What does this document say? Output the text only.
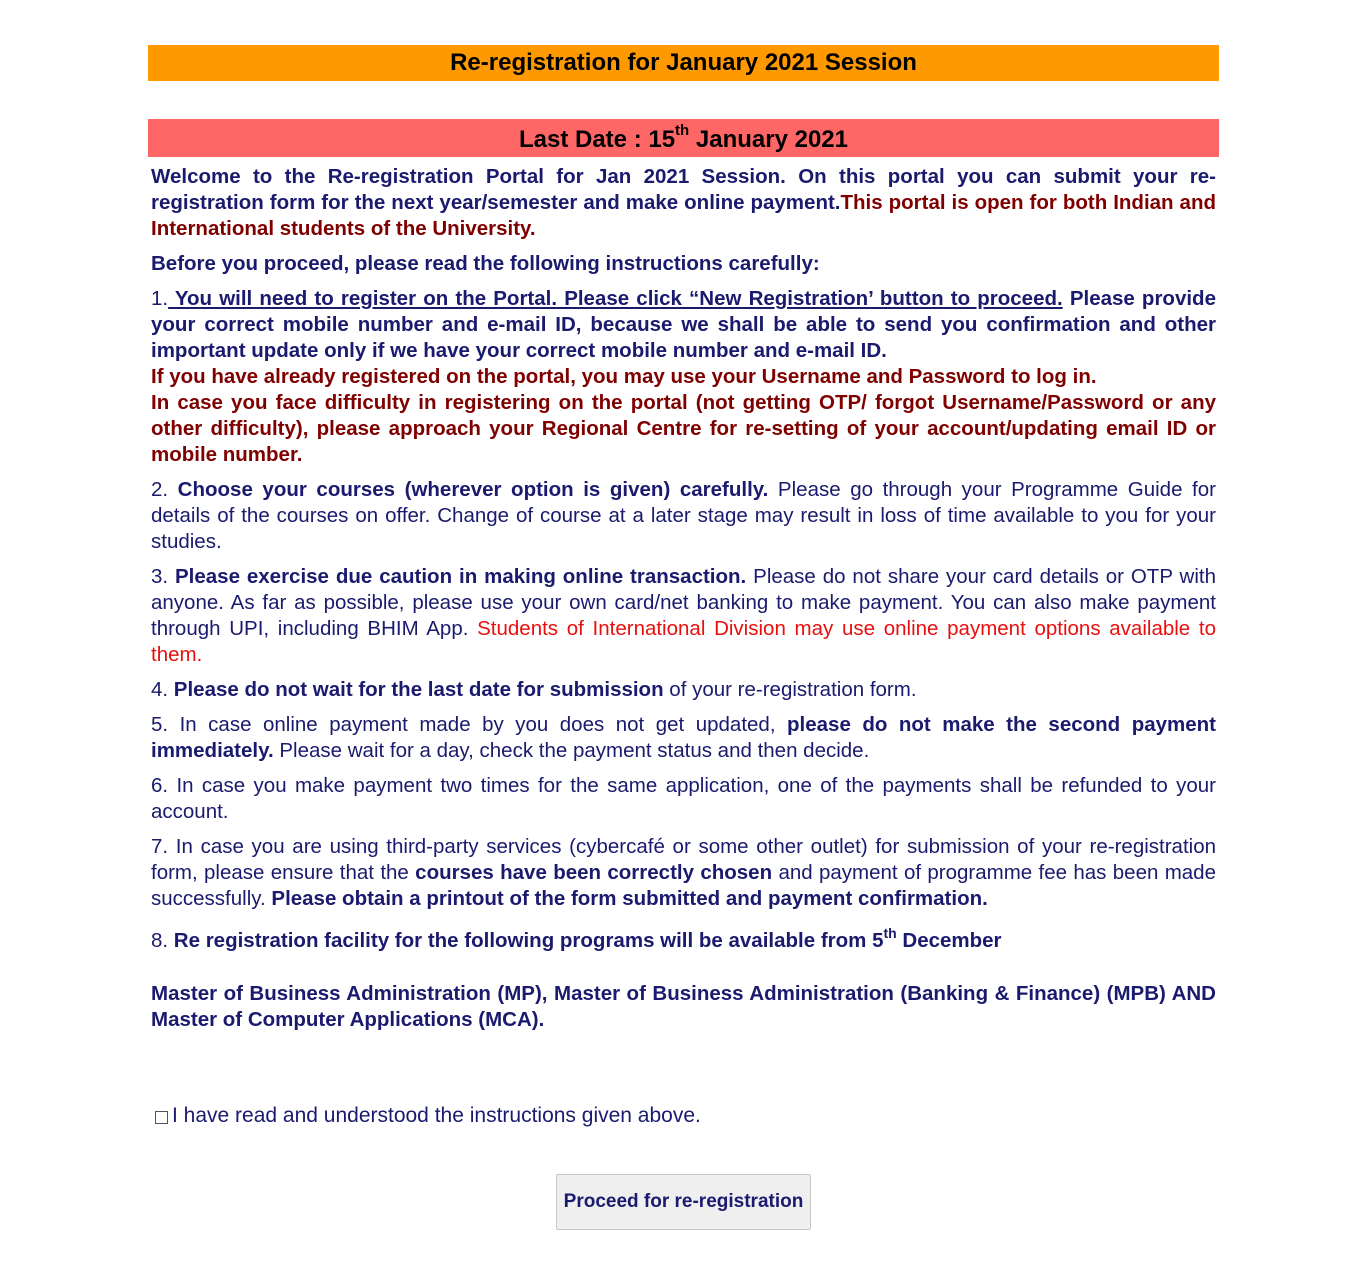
Re-registration for January 2021 Session
Last Date : 15th January 2021

Welcome to the Re-registration Portal for Jan 2021 Session. On this portal you can submit your re-registration form for the next year/semester and make online payment.This portal is open for both Indian and International students of the University.

Before you proceed, please read the following instructions carefully:

1. You will need to register on the Portal. Please click “New Registration’ button to proceed. Please provide your correct mobile number and e-mail ID, because we shall be able to send you confirmation and other important update only if we have your correct mobile number and e-mail ID.
If you have already registered on the portal, you may use your Username and Password to log in.
In case you face difficulty in registering on the portal (not getting OTP/ forgot Username/Password or any other difficulty), please approach your Regional Centre for re-setting of your account/updating email ID or mobile number.

2. Choose your courses (wherever option is given) carefully. Please go through your Programme Guide for details of the courses on offer. Change of course at a later stage may result in loss of time available to you for your studies.

3. Please exercise due caution in making online transaction. Please do not share your card details or OTP with anyone. As far as possible, please use your own card/net banking to make payment. You can also make payment through UPI, including BHIM App. Students of International Division may use online payment options available to them.

4. Please do not wait for the last date for submission of your re-registration form.

5. In case online payment made by you does not get updated, please do not make the second payment immediately. Please wait for a day, check the payment status and then decide.

6. In case you make payment two times for the same application, one of the payments shall be refunded to your account.

7. In case you are using third-party services (cybercafé or some other outlet) for submission of your re-registration form, please ensure that the courses have been correctly chosen and payment of programme fee has been made successfully. Please obtain a printout of the form submitted and payment confirmation.

8. Re registration facility for the following programs will be available from 5th December

Master of Business Administration (MP), Master of Business Administration (Banking & Finance) (MPB) AND Master of Computer Applications (MCA).

I have read and understood the instructions given above.
Proceed for re-registration
